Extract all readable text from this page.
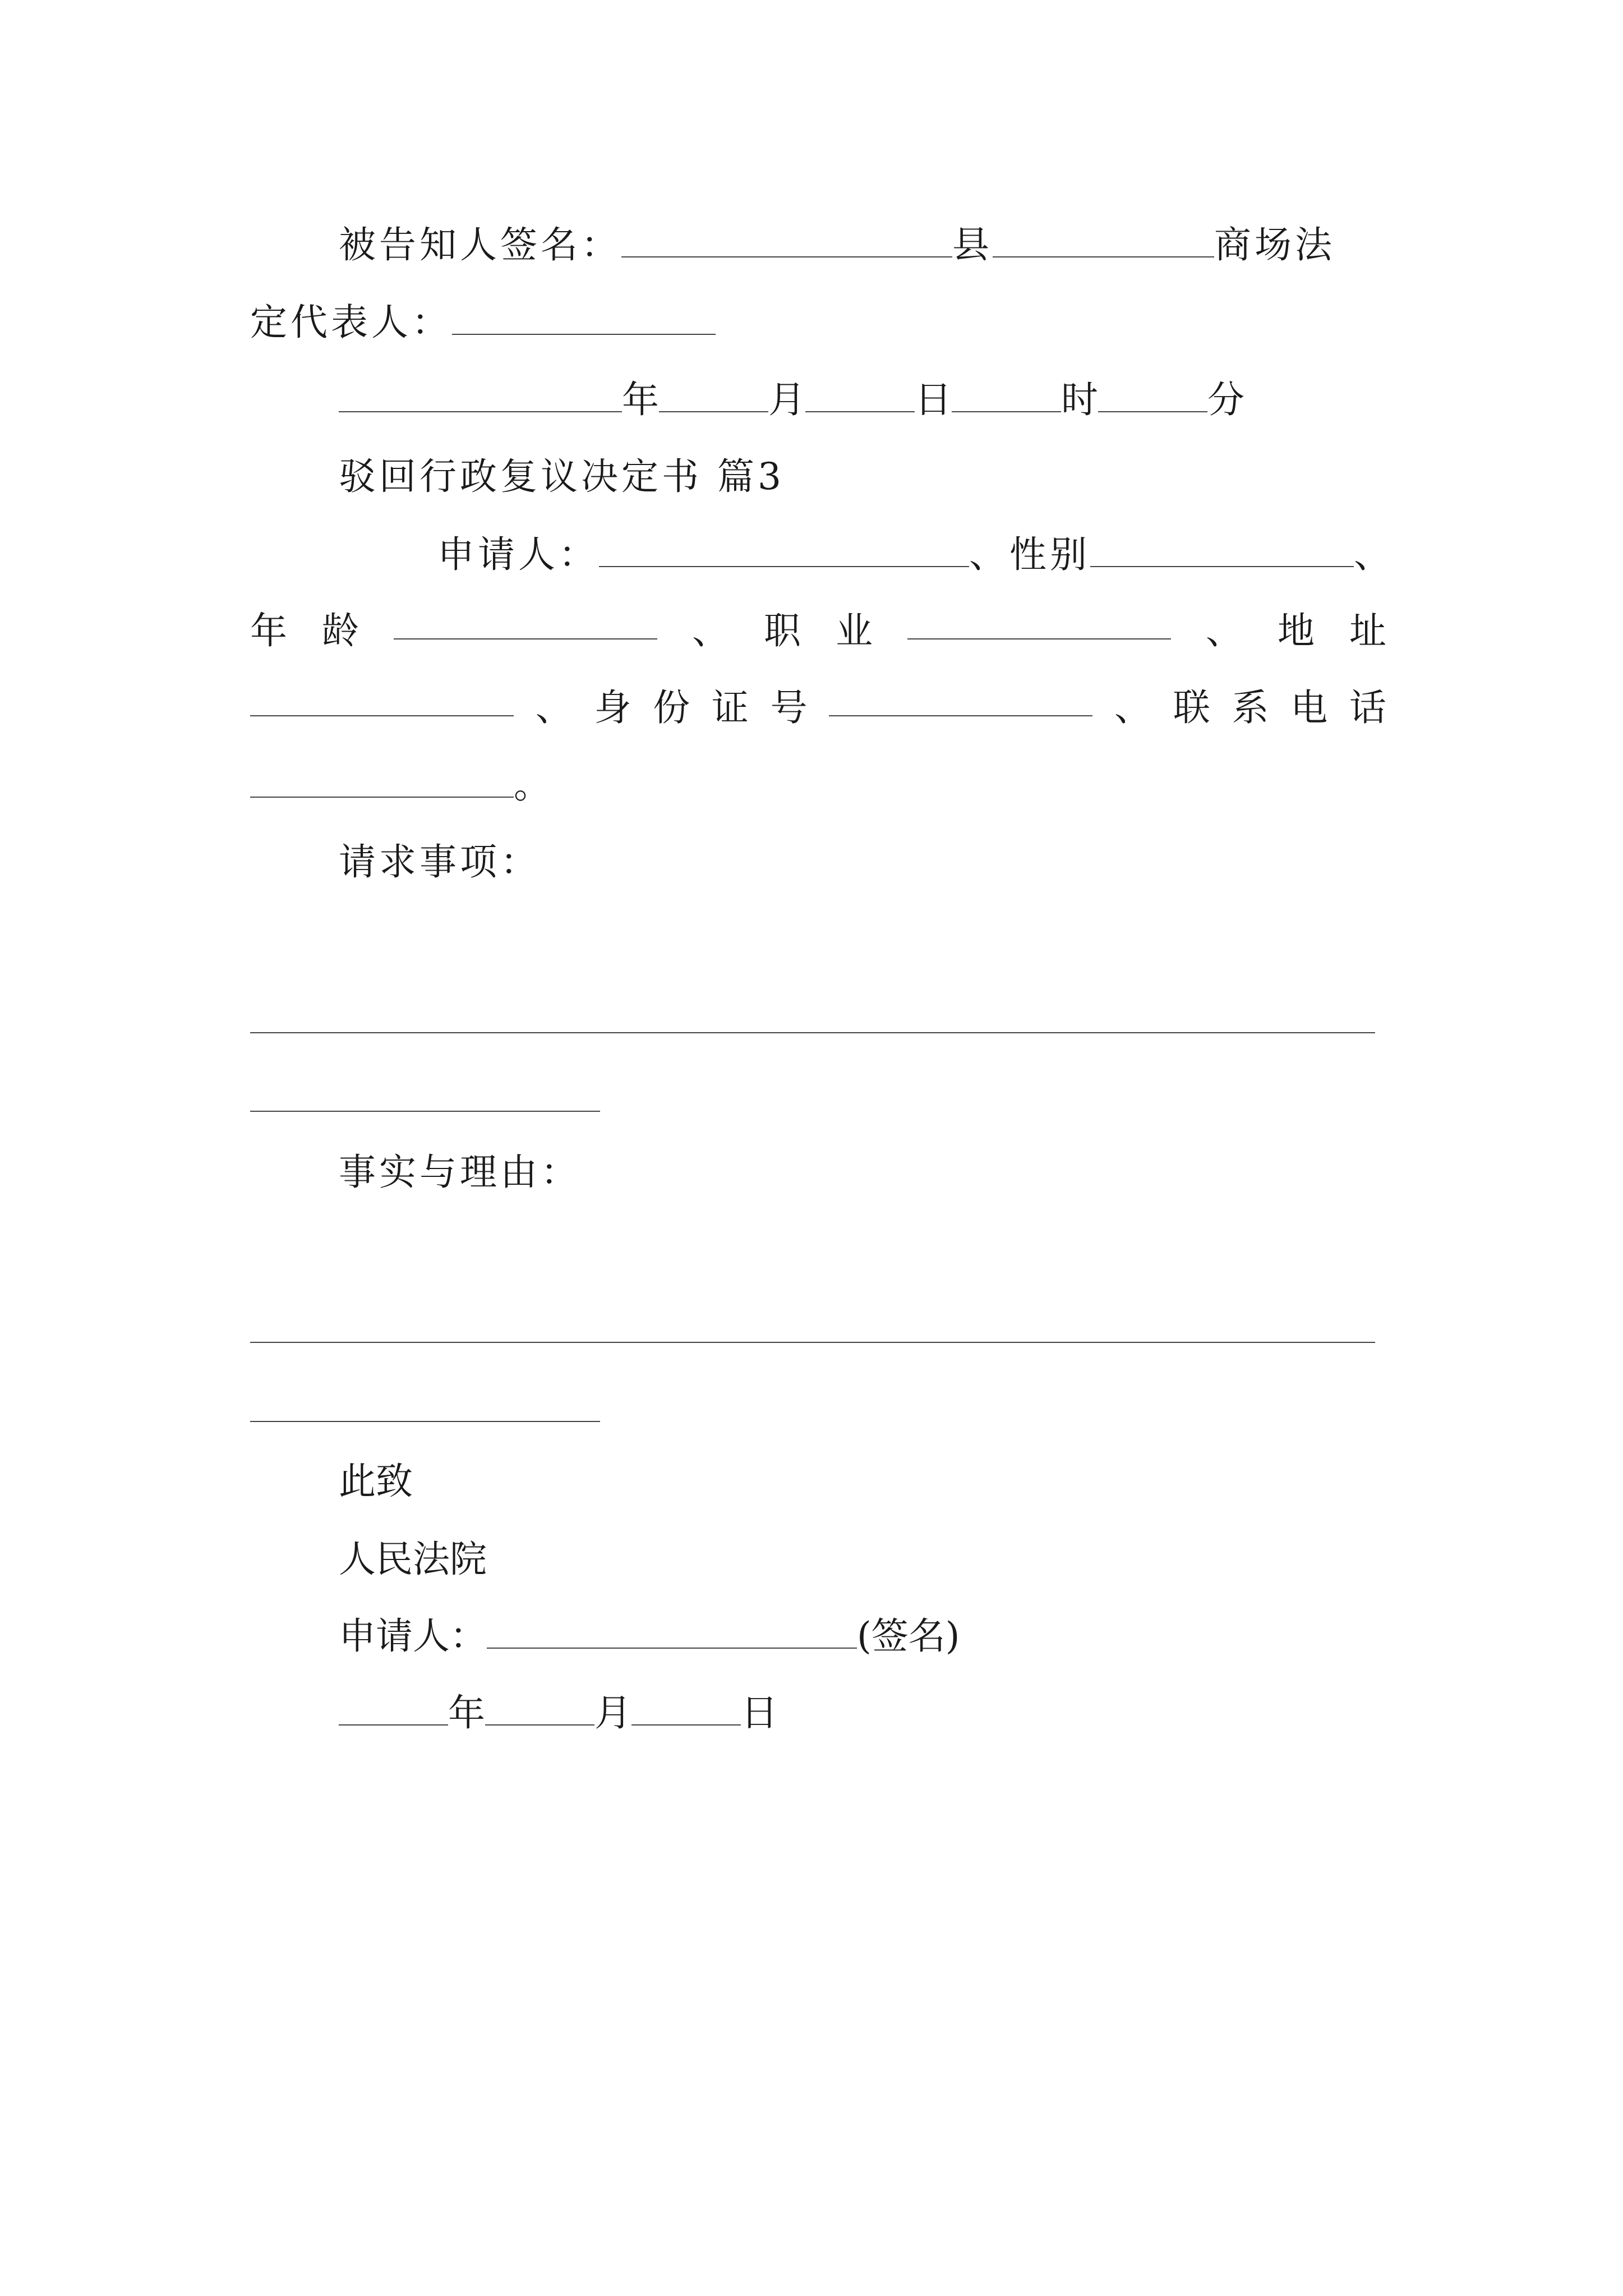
被告知人签名：	县	商场法
定代表人：
年	月	日	时	分
驳回行政复议决定书 篇3
申请人：	、性别	、
年 龄	、 职 业	、 地 址
、 身 份 证 号	、 联 系 电 话
。
请求事项：
事实与理由：
此致
人民法院
申请人：	(签名)
年	月	日
